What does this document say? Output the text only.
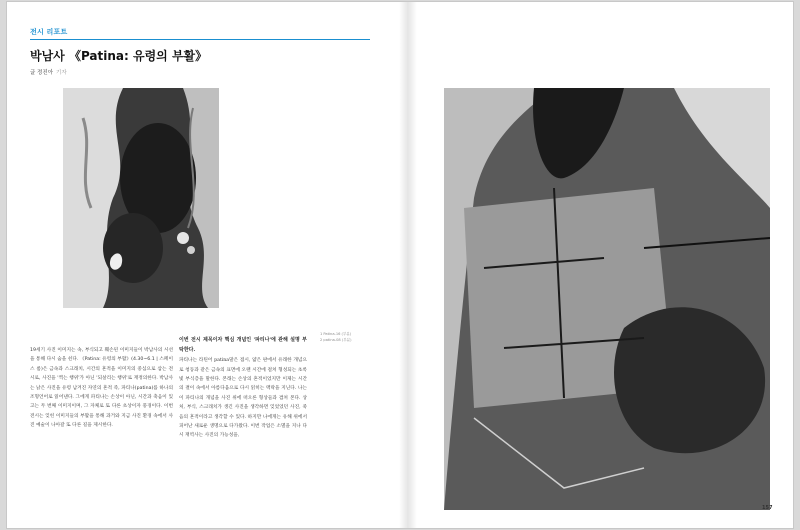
전시 리포트
박남사 《Patina: 유령의 부활》
글 정진아 기자
1 Patina-16 (부분)
2 patina-08 (부분)
19세기 사진 이미지는 속, 부식되고 훼손된 이미지들이 박남사의 시선을 통해 다시 숨을 쉰다. 《Patina: 유령의 부활》(4.30~6.1 | 스페이스 룸)은 금속과 스크래치, 시간의 흔적을 이미지의 중심으로 삼는 전시로, 사진을 '찍는 행위'가 아닌 '되살리는 행위'로 재정의한다. 박남사는 낡은 사진을 유령 남겨진 자연의 흔적 즉, 파티나(patina)를 하나의 조형언어로 읽어낸다. 그에게 파티나는 손상이 아닌, 시간과 축음이 있고는 두 번째 이미지이며, 그 자체로 또 다른 초상이자 풍경이다. 이번 전시는 잊힌 이미지들의 부활을 통해 과거와 지금 사진 환경 속에서 사진 예술이 나아갈 또 다른 길을 제시한다.
이번 전시 제목이자 핵심 개념인 '파티나'에 관해 설명 부탁한다.
파티나는 라틴어 patina말은 접시, 얇은 판에서 유래한 개념으로 청동과 같은 금속의 표면에 오랜 시간에 걸쳐 형성되는 초록빛 부식층을 말한다. 본래는 손상의 흔적이었지만 이제는 시간의 결이 속에서 아름다움으로 다시 읽히는 맥락을 지닌다. 나는 이 파티나의 개념을 사진 위에 떠오른 형상들과 겹쳐 본다. 상처, 부식, 스크래치가 생긴 사진을 생각하면 잊었었던 사진, 죽음의 흔적이라고 생각할 수 있다. 하지만 나에게는 유해 위에서 피어난 새로운 생명으로 다가왔다. 이번 작업은 소멸을 지나 다시 재역사는 사진의 가능성을,
157
